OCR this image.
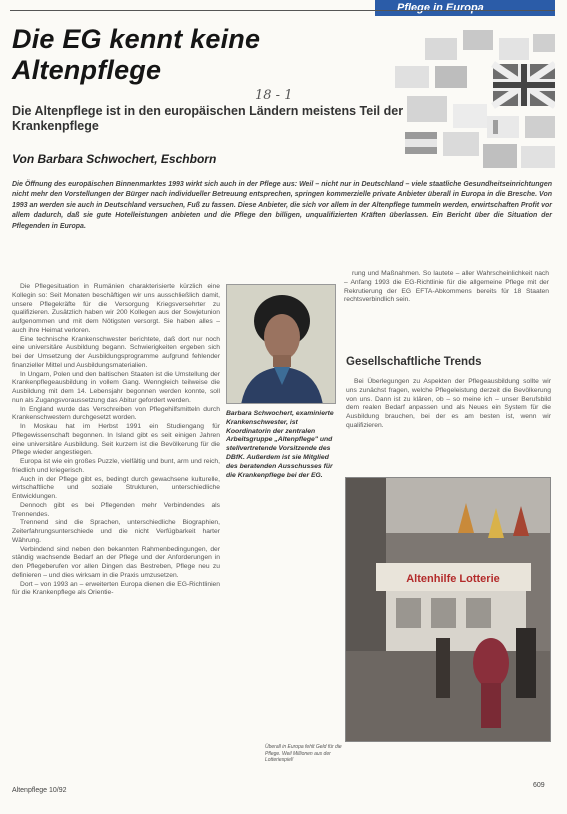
Pflege in Europa
Die EG kennt keine Altenpflege
18 - 1
Die Altenpflege ist in den europäischen Ländern meistens Teil der Krankenpflege
Von Barbara Schwochert, Eschborn
Die Öffnung des europäischen Binnenmarktes 1993 wirkt sich auch in der Pflege aus: Weil – nicht nur in Deutschland – viele staatliche Gesundheitseinrichtungen nicht mehr den Vorstellungen der Bürger nach individueller Betreuung entsprechen, springen kommerzielle private Anbieter überall in Europa in die Bresche. Von 1993 an werden sie auch in Deutschland versuchen, Fuß zu fassen. Diese Anbieter, die sich vor allem in der Altenpflege tummeln werden, erwirtschaften Profit vor allem dadurch, daß sie gute Hotelleistungen anbieten und die Pflege den billigen, unqualifizierten Kräften überlassen. Ein Bericht über die Situation der Pflegenden in Europa.

Die Pflegesituation in Rumänien charakterisierte kürzlich eine Kollegin so: Seit Monaten beschäftigen wir uns ausschließlich damit, unsere Pflegekräfte für die Versorgung Kriegsversehrter zu qualifizieren. Zusätzlich haben wir 200 Kollegen aus der Sowjetunion aufgenommen und mit dem Nötigsten versorgt. Sie haben alles – auch ihre Heimat verloren.

Eine technische Krankenschwester berichtete, daß dort nur noch eine universitäre Ausbildung begann. Schwierigkeiten ergeben sich bei der Umsetzung der Ausbildungsprogramme aufgrund fehlender finanzieller Mittel und Ausbildungsmaterialien.

In Ungarn, Polen und den baltischen Staaten ist die Umstellung der Krankenpflegeausbildung in vollem Gang. Wenngleich teilweise die Ausbildung mit dem 14. Lebensjahr begonnen werden konnte, soll nun als Zugangsvoraussetzung das Abitur gefordert werden.

In England wurde das Verschreiben von Pflegehilfsmitteln durch Krankenschwestern durchgesetzt worden.

In Moskau hat im Herbst 1991 ein Studiengang für Pflegewissenschaft begonnen. In Island gibt es seit einigen Jahren eine universitäre Ausbildung. Seit kurzem ist die Bevölkerung für die Pflege wieder angestiegen.

Europa ist wie ein großes Puzzle, vielfältig und bunt, arm und reich, friedlich und kriegerisch.

Auch in der Pflege gibt es, bedingt durch gewachsene kulturelle, wirtschaftliche und soziale Strukturen, unterschiedliche Entwicklungen.

Dennoch gibt es bei Pflegenden mehr Verbindendes als Trennendes.

Trennend sind die Sprachen, unterschiedliche Biographien, Zeiterfahrungsunterschiede und die nicht Verfügbarkeit harter Währung.

Verbindend sind neben den bekannten Rahmenbedingungen, der ständig wachsende Bedarf an der Pflege und der Anforderungen in den Pflegeberufen vor allen Dingen das Bestreben, Pflege neu zu definieren – und dies wirksam in die Praxis umzusetzen.

Dort – von 1993 an – erweiterten Europa dienen die EG-Richtlinien für die Krankenpflege als Orientie-

Barbara Schwochert, examinierte Krankenschwester, ist Koordinatorin der zentralen Arbeitsgruppe „Altenpflege" und stellvertretende Vorsitzende des DBfK. Außerdem ist sie Mitglied des beratenden Ausschusses für die Krankenpflege bei der EG.

rung und Maßnahmen. So lautete – aller Wahrscheinlichkeit nach – Anfang 1993 die EG-Richtlinie für die allgemeine Pflege mit der Rekrutierung der EG EFTA-Abkommens bereits für 18 Staaten rechtsverbindlich sein.

Gesellschaftliche Trends

Bei Überlegungen zu Aspekten der Pflegeausbildung sollte wir uns zunächst fragen, welche Pflegeleistung derzeit die Bevölkerung von uns. Dann ist zu klären, ob – so meine ich – unser Berufsbild dem realen Bedarf anpassen und als Neues ein System für die Ausbildung brauchen, bei der es am besten ist, wenn wir qualifizieren.

Altenhilfe Lotterie
Überall in Europa fehlt Geld für die Pflege. Weil Millionen aus der Lotteriespiel!
Altenpflege 10/92
609
